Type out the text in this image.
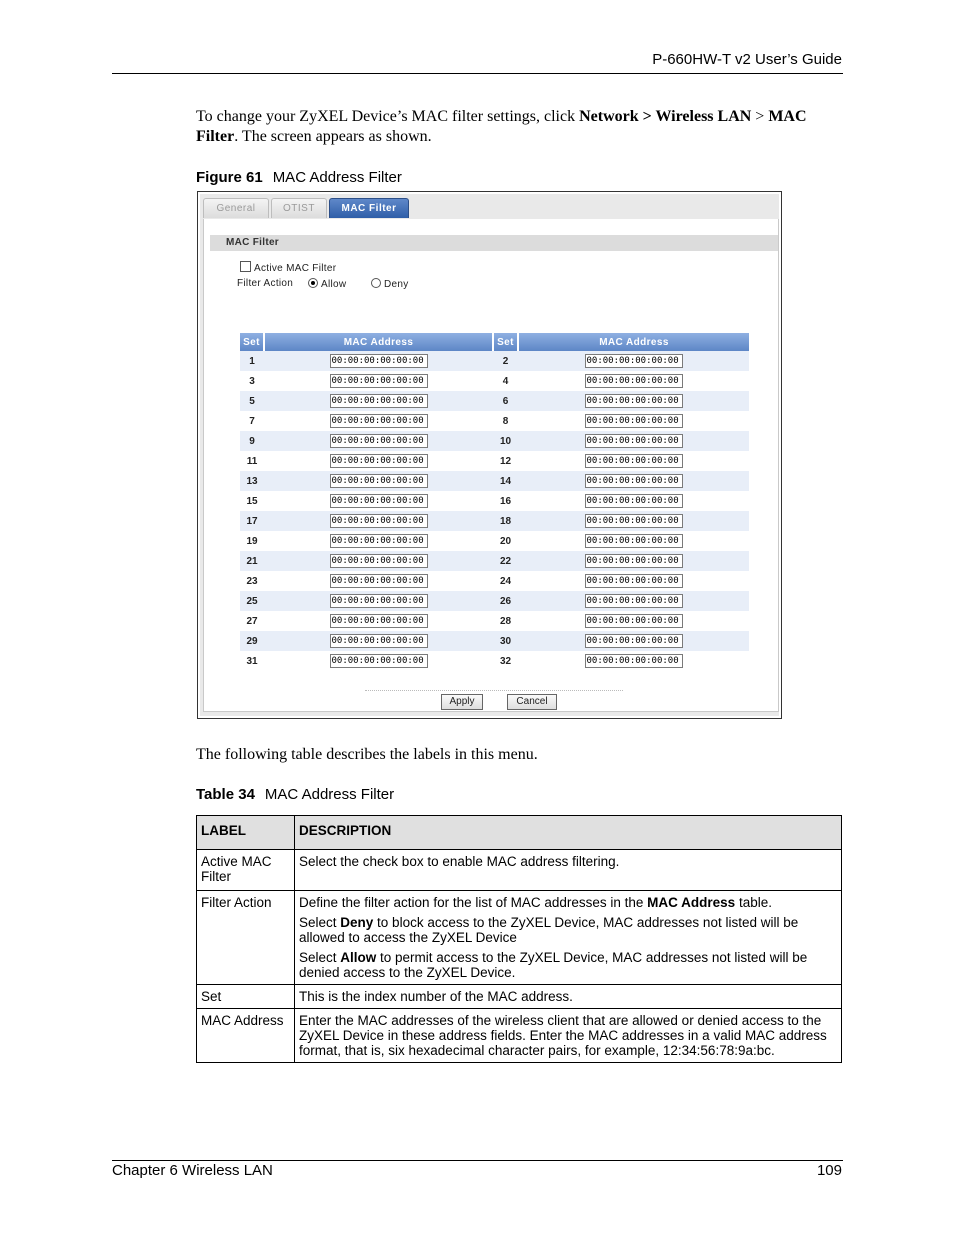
P-660HW-T v2 User’s Guide
To change your ZyXEL Device’s MAC filter settings, click Network > Wireless LAN > MAC Filter. The screen appears as shown.
Figure 61 MAC Address Filter
General	OTIST	MAC Filter
MAC Filter
Active MAC Filter
Filter Action	Allow	Deny
Set	MAC Address	Set	MAC Address
1	00:00:00:00:00:00	2	00:00:00:00:00:00
3	00:00:00:00:00:00	4	00:00:00:00:00:00
5	00:00:00:00:00:00	6	00:00:00:00:00:00
7	00:00:00:00:00:00	8	00:00:00:00:00:00
9	00:00:00:00:00:00	10	00:00:00:00:00:00
11	00:00:00:00:00:00	12	00:00:00:00:00:00
13	00:00:00:00:00:00	14	00:00:00:00:00:00
15	00:00:00:00:00:00	16	00:00:00:00:00:00
17	00:00:00:00:00:00	18	00:00:00:00:00:00
19	00:00:00:00:00:00	20	00:00:00:00:00:00
21	00:00:00:00:00:00	22	00:00:00:00:00:00
23	00:00:00:00:00:00	24	00:00:00:00:00:00
25	00:00:00:00:00:00	26	00:00:00:00:00:00
27	00:00:00:00:00:00	28	00:00:00:00:00:00
29	00:00:00:00:00:00	30	00:00:00:00:00:00
31	00:00:00:00:00:00	32	00:00:00:00:00:00
Apply	Cancel
The following table describes the labels in this menu.
Table 34 MAC Address Filter
LABEL	DESCRIPTION
Active MAC Filter	Select the check box to enable MAC address filtering.
Filter Action	Define the filter action for the list of MAC addresses in the MAC Address table.

Select Deny to block access to the ZyXEL Device, MAC addresses not listed will be allowed to access the ZyXEL Device

Select Allow to permit access to the ZyXEL Device, MAC addresses not listed will be denied access to the ZyXEL Device.

Set	This is the index number of the MAC address.
MAC Address	Enter the MAC addresses of the wireless client that are allowed or denied access to the ZyXEL Device in these address fields. Enter the MAC addresses in a valid MAC address format, that is, six hexadecimal character pairs, for example, 12:34:56:78:9a:bc.
Chapter 6 Wireless LAN	109
